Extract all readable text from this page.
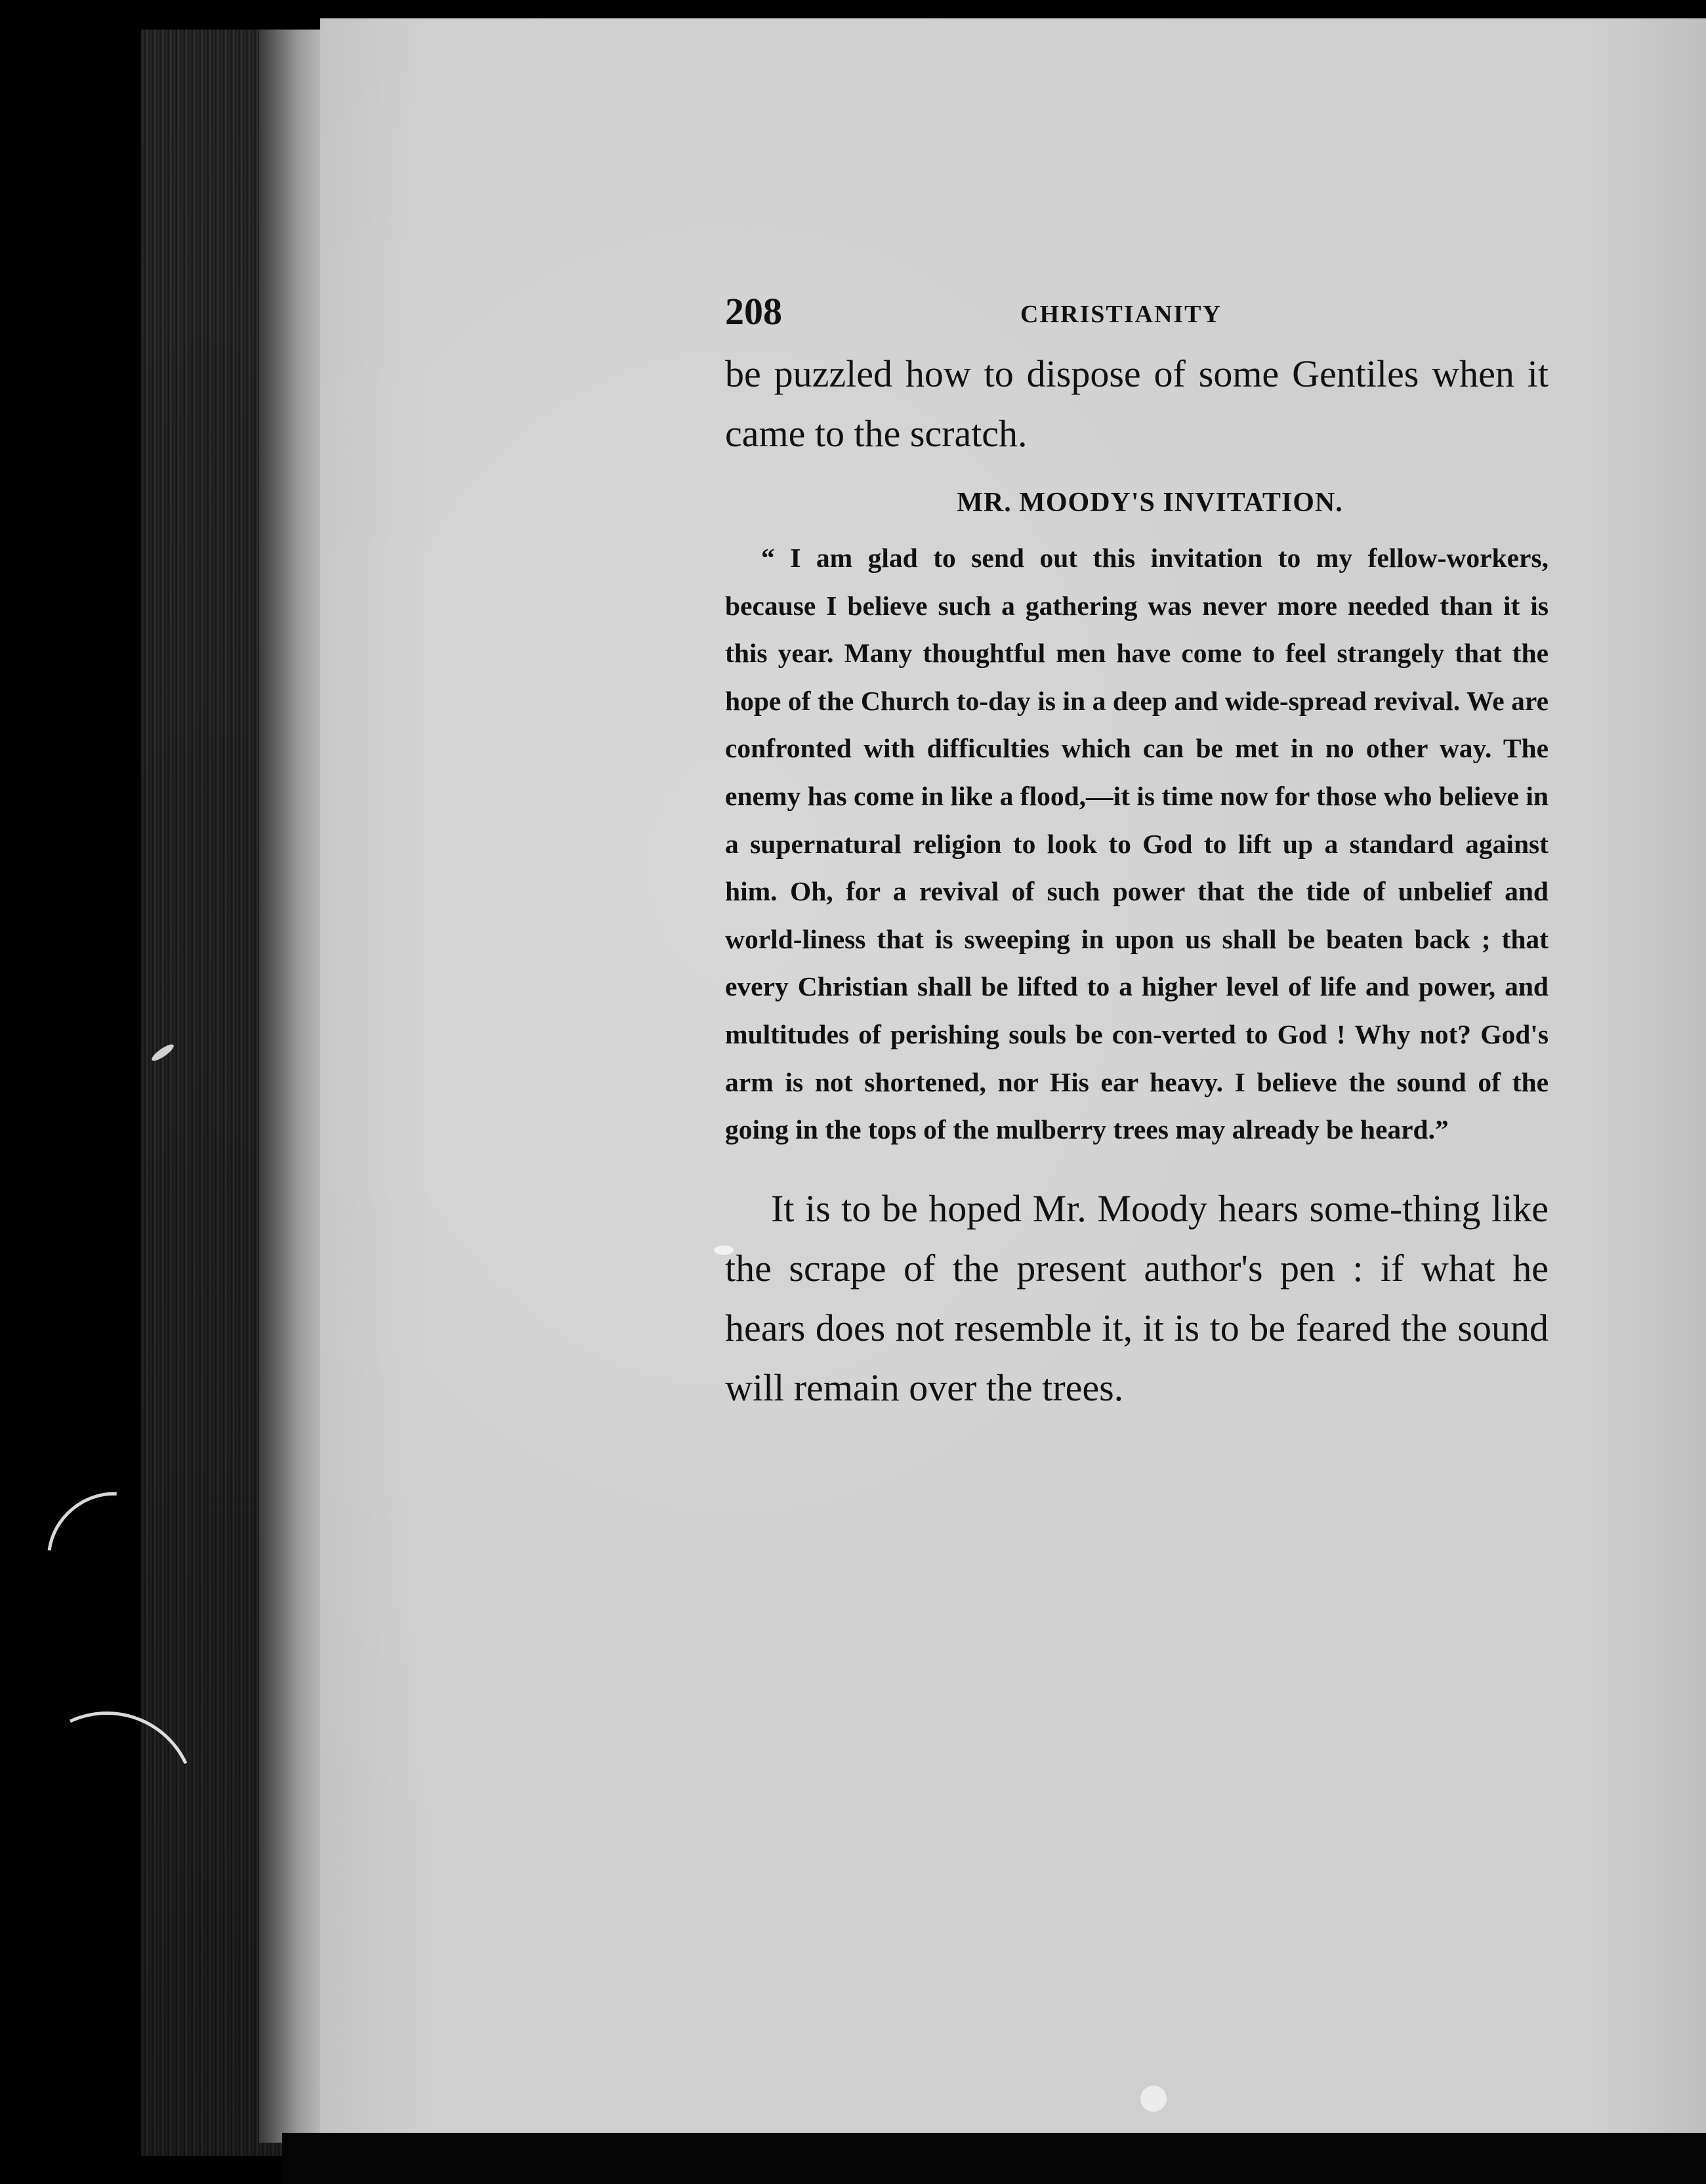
208	CHRISTIANITY

be puzzled how to dispose of some Gentiles when it came to the scratch.

MR. MOODY'S INVITATION.

“ I am glad to send out this invitation to my fellow-workers, because I believe such a gathering was never more needed than it is this year. Many thoughtful men have come to feel strangely that the hope of the Church to-day is in a deep and wide-spread revival. We are confronted with difficulties which can be met in no other way. The enemy has come in like a flood,—it is time now for those who believe in a supernatural religion to look to God to lift up a standard against him. Oh, for a revival of such power that the tide of unbelief and world-liness that is sweeping in upon us shall be beaten back ; that every Christian shall be lifted to a higher level of life and power, and multitudes of perishing souls be con-verted to God ! Why not? God's arm is not shortened, nor His ear heavy. I believe the sound of the going in the tops of the mulberry trees may already be heard.”

It is to be hoped Mr. Moody hears some-thing like the scrape of the present author's pen : if what he hears does not resemble it, it is to be feared the sound will remain over the trees.
